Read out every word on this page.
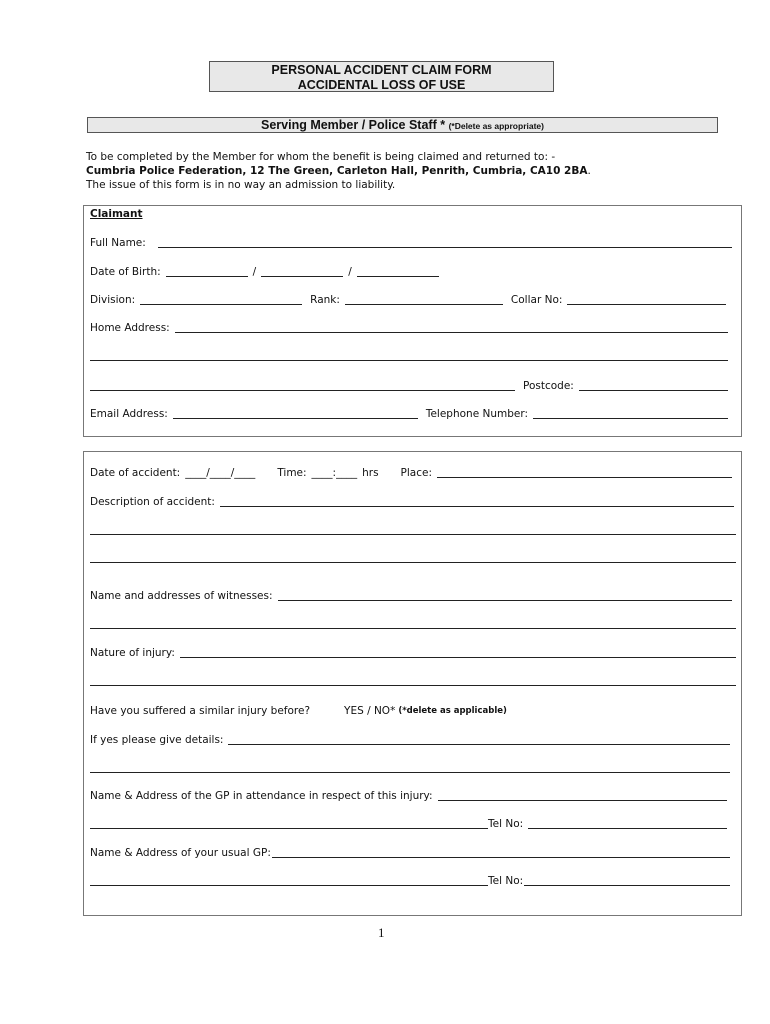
PERSONAL ACCIDENT CLAIM FORM
ACCIDENTAL LOSS OF USE
Serving Member / Police Staff * (*Delete as appropriate)
To be completed by the Member for whom the benefit is being claimed and returned to: -
Cumbria Police Federation, 12 The Green, Carleton Hall, Penrith, Cumbria, CA10 2BA.
The issue of this form is in no way an admission to liability.
Claimant
Full Name:
Date of Birth:	/	/
Division:	Rank:	Collar No:
Home Address:
Postcode:
Email Address:	Telephone Number:
Date of accident: ____/____/____	Time: ____:____ hrs	Place:
Description of accident:
Name and addresses of witnesses:
Nature of injury:
Have you suffered a similar injury before?	YES / NO* (*delete as applicable)
If yes please give details:
Name & Address of the GP in attendance in respect of this injury:
Tel No:
Name & Address of your usual GP:
Tel No:
1
